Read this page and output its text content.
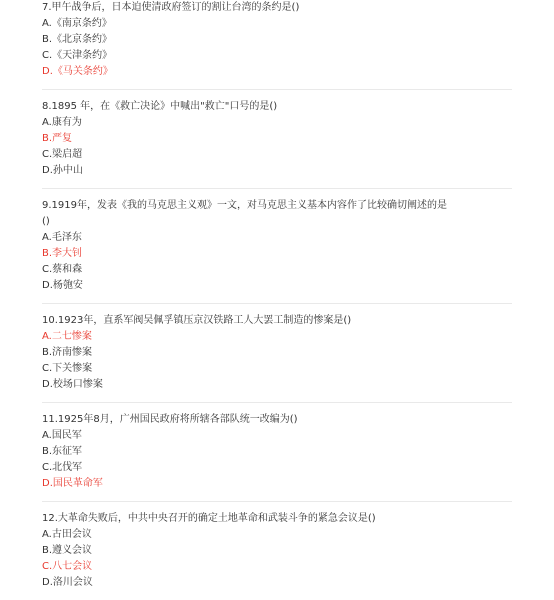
7.甲午战争后，日本迫使清政府签订的割让台湾的条约是()
A.《南京条约》
B.《北京条约》
C.《天津条约》
D.《马关条约》
8.1895 年，在《救亡决论》中喊出"救亡"口号的是()
A.康有为
B.严复
C.梁启超
D.孙中山
9.1919年，发表《我的马克思主义观》一文，对马克思主义基本内容作了比较确切阐述的是
()
A.毛泽东
B.李大钊
C.蔡和森
D.杨匏安
10.1923年，直系军阀吴佩孚镇压京汉铁路工人大罢工制造的惨案是()
A.二七惨案
B.济南惨案
C.下关惨案
D.校场口惨案
11.1925年8月，广州国民政府将所辖各部队统一改编为()
A.国民军
B.东征军
C.北伐军
D.国民革命军
12.大革命失败后，中共中央召开的确定土地革命和武装斗争的紧急会议是()
A.古田会议
B.遵义会议
C.八七会议
D.洛川会议
